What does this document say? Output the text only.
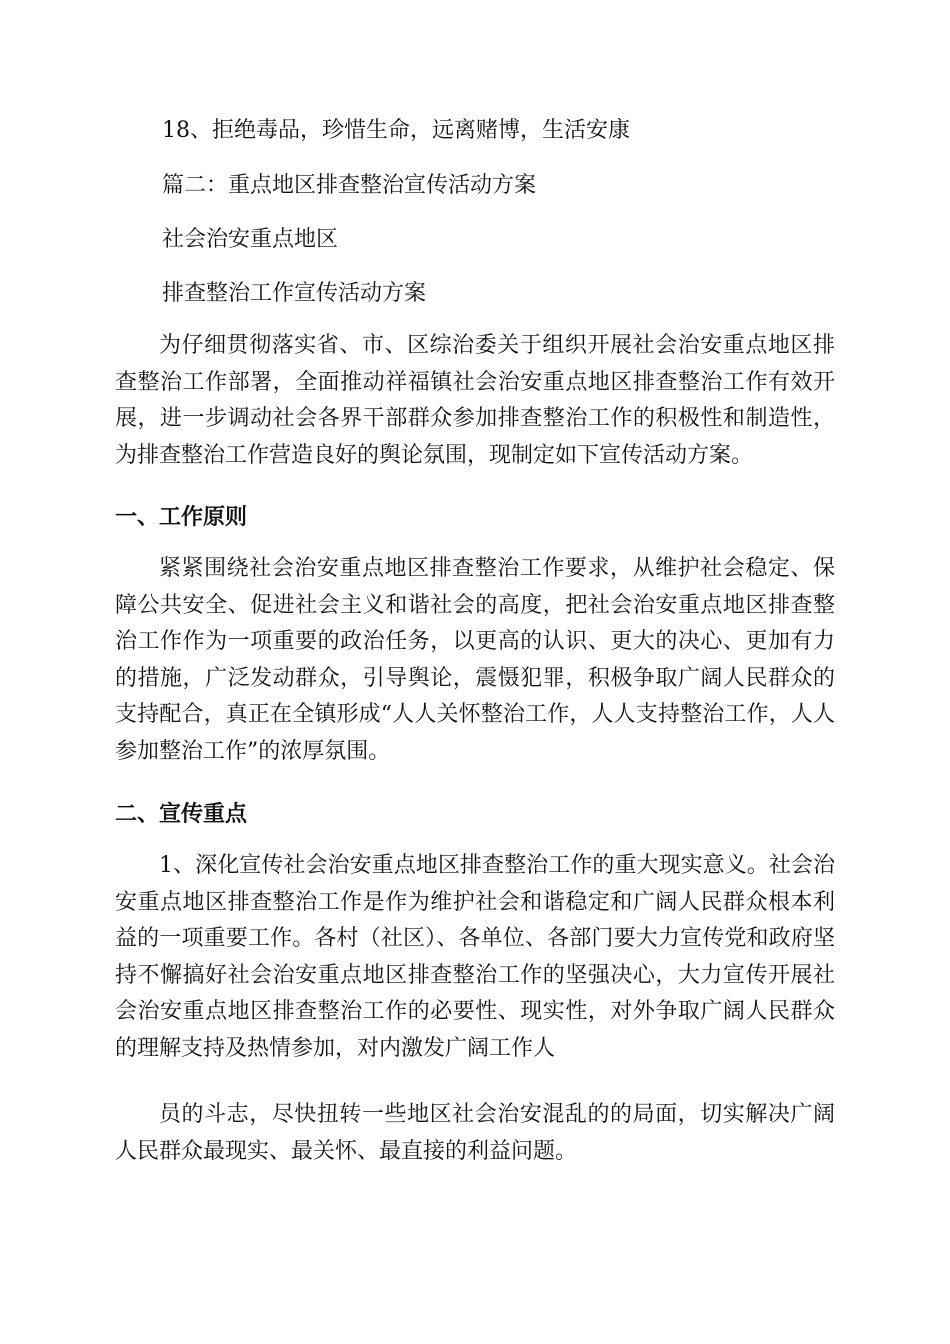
18、拒绝毒品，珍惜生命，远离赌博，生活安康
篇二：重点地区排查整治宣传活动方案
社会治安重点地区
排查整治工作宣传活动方案
为仔细贯彻落实省、市、区综治委关于组织开展社会治安重点地区排查整治工作部署，全面推动祥福镇社会治安重点地区排查整治工作有效开展，进一步调动社会各界干部群众参加排查整治工作的积极性和制造性，为排查整治工作营造良好的舆论氛围，现制定如下宣传活动方案。
一、工作原则
紧紧围绕社会治安重点地区排查整治工作要求，从维护社会稳定、保障公共安全、促进社会主义和谐社会的高度，把社会治安重点地区排查整治工作作为一项重要的政治任务，以更高的认识、更大的决心、更加有力的措施，广泛发动群众，引导舆论，震慑犯罪，积极争取广阔人民群众的支持配合，真正在全镇形成“人人关怀整治工作，人人支持整治工作，人人参加整治工作”的浓厚氛围。
二、宣传重点
1、深化宣传社会治安重点地区排查整治工作的重大现实意义。社会治安重点地区排查整治工作是作为维护社会和谐稳定和广阔人民群众根本利益的一项重要工作。各村（社区）、各单位、各部门要大力宣传党和政府坚持不懈搞好社会治安重点地区排查整治工作的坚强决心，大力宣传开展社会治安重点地区排查整治工作的必要性、现实性，对外争取广阔人民群众的理解支持及热情参加，对内激发广阔工作人
员的斗志，尽快扭转一些地区社会治安混乱的的局面，切实解决广阔人民群众最现实、最关怀、最直接的利益问题。
